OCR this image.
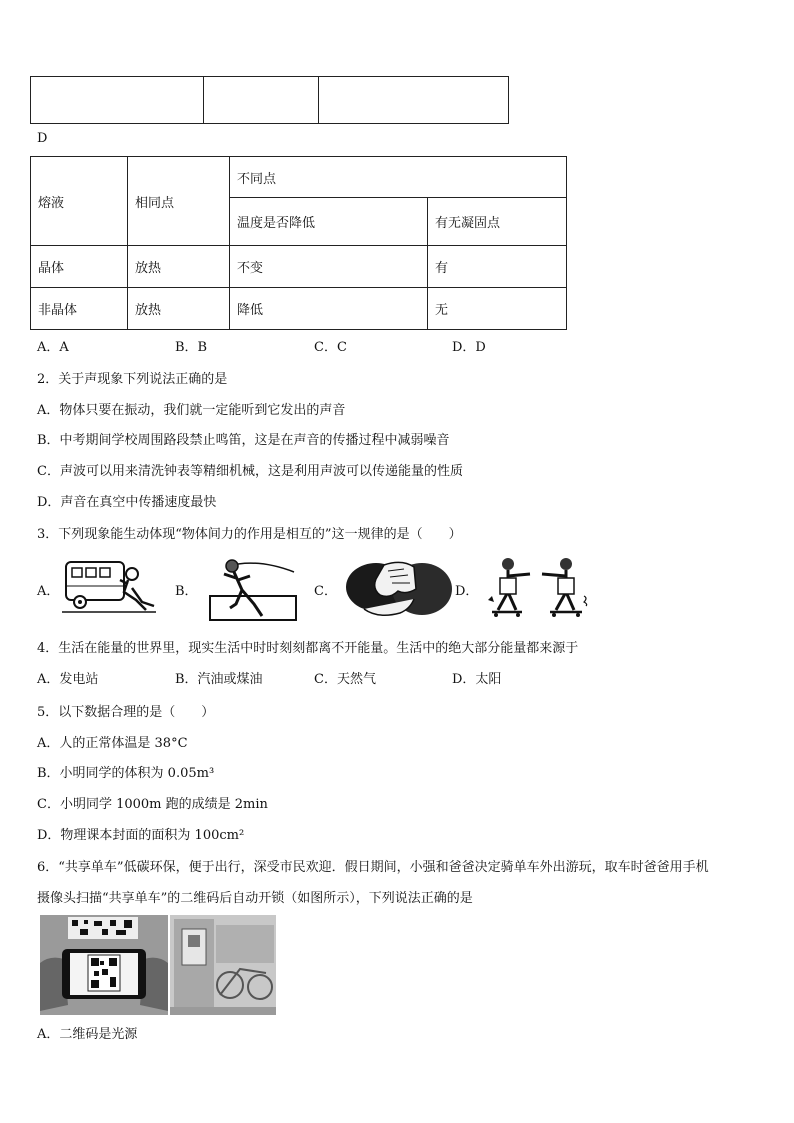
D
熔液	相同点	不同点	
		温度是否降低	有无凝固点
晶体	放热	不变	有
非晶体	放热	降低	无
A．A	B．B	C．C	D．D
2．关于声现象下列说法正确的是
A．物体只要在振动，我们就一定能听到它发出的声音
B．中考期间学校周围路段禁止鸣笛，这是在声音的传播过程中减弱噪音
C．声波可以用来清洗钟表等精细机械，这是利用声波可以传递能量的性质
D．声音在真空中传播速度最快
3．下列现象能生动体现“物体间力的作用是相互的”这一规律的是（　　）
A．	B．	C．	D．
4．生活在能量的世界里，现实生活中时时刻刻都离不开能量。生活中的绝大部分能量都来源于
A．发电站	B．汽油或煤油	C．天然气	D．太阳
5．以下数据合理的是（　　）
A．人的正常体温是 38°C
B．小明同学的体积为 0.05m³
C．小明同学 1000m 跑的成绩是 2min
D．物理课本封面的面积为 100cm²
6．“共享单车”低碳环保，便于出行，深受市民欢迎．假日期间，小强和爸爸决定骑单车外出游玩，取车时爸爸用手机
摄像头扫描“共享单车”的二维码后自动开锁（如图所示），下列说法正确的是
A．二维码是光源
